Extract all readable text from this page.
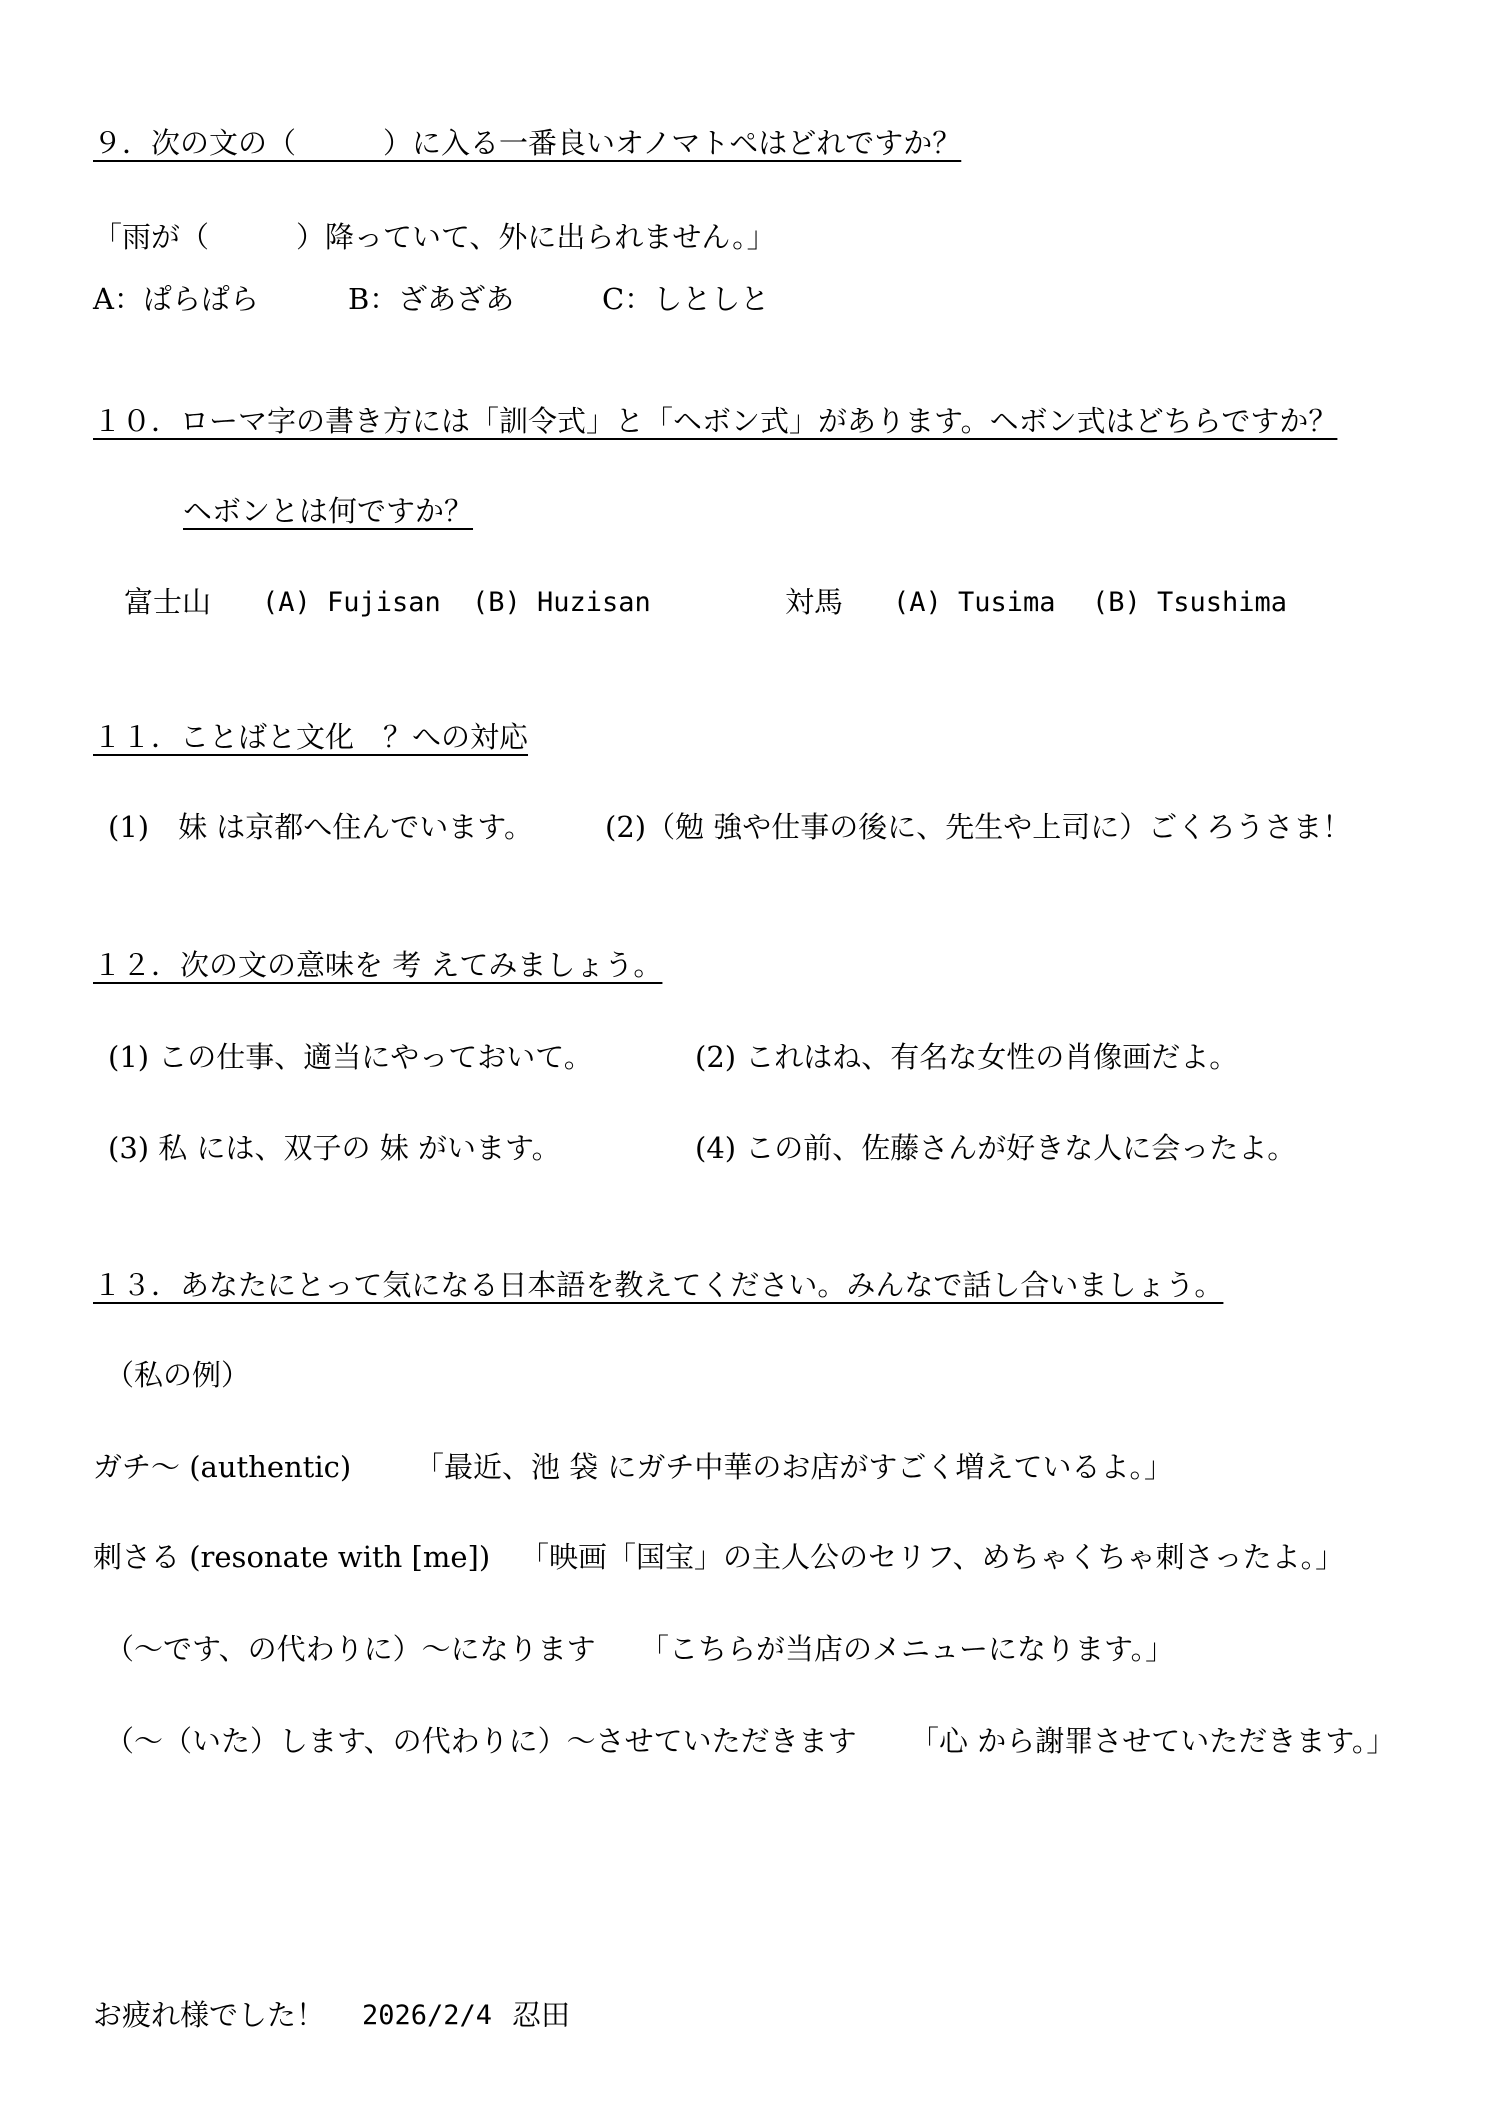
９．次の文の（　　　）に入る一番良いオノマトペはどれですか？
「雨が（　　　）降っていて、外に出られません。」
A：ぱらぱら	B：ざあざあ	C：しとしと
１０．ローマ字の書き方には「訓令式」と「ヘボン式」があります。ヘボン式はどちらですか？
ヘボンとは何ですか？
富士山 (A) Fujisan (B) Huzisan	対馬 (A) Tusima (B) Tsushima
１１．ことばと文化　？への対応
(1)　妹 は京都へ住んでいます。 (2)（勉 強や仕事の後に、先生や上司に）ごくろうさま！
１２．次の文の意味を 考 えてみましょう。
(1) この仕事、適当にやっておいて。	(2) これはね、有名な女性の肖像画だよ。
(3) 私 には、双子の 妹 がいます。	(4) この前、佐藤さんが好きな人に会ったよ。
１３．あなたにとって気になる日本語を教えてください。みんなで話し合いましょう。
（私の例）
ガチ～ (authentic) 「最近、池 袋 にガチ中華のお店がすごく増えているよ。」
刺さる (resonate with [me]) 「映画「国宝」の主人公のセリフ、めちゃくちゃ刺さったよ。」
（～です、の代わりに）～になります 「こちらが当店のメニューになります。」
（～（いた）します、の代わりに）～させていただきます 「心 から謝罪させていただきます。」
お疲れ様でした！ 2026/2/4 忍田
